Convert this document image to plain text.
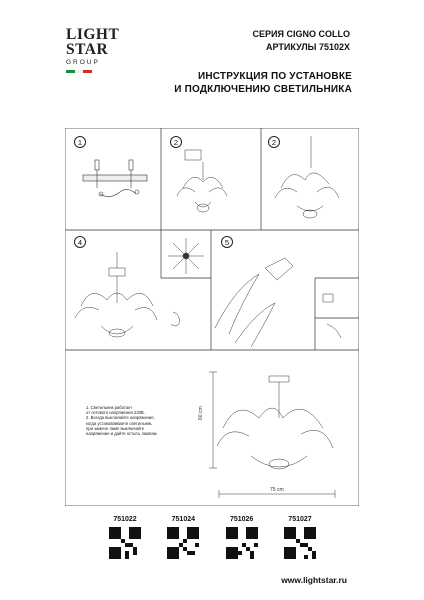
LIGHT
STAR
GROUP
СЕРИЯ CIGNO COLLO
АРТИКУЛЫ 75102X
ИНСТРУКЦИЯ ПО УСТАНОВКЕ
И ПОДКЛЮЧЕНИЮ СВЕТИЛЬНИКА
1	2	2
4	5
1. Светильник работает
от сетевого напряжения 230В.
2. Всегда выключайте напряжение,
когда устанавливаете светильник,
при замене ламп выключайте
напряжение и дайте остыть лампам.
60 cm
75 cm
751022	751024	751026	751027
www.lightstar.ru
